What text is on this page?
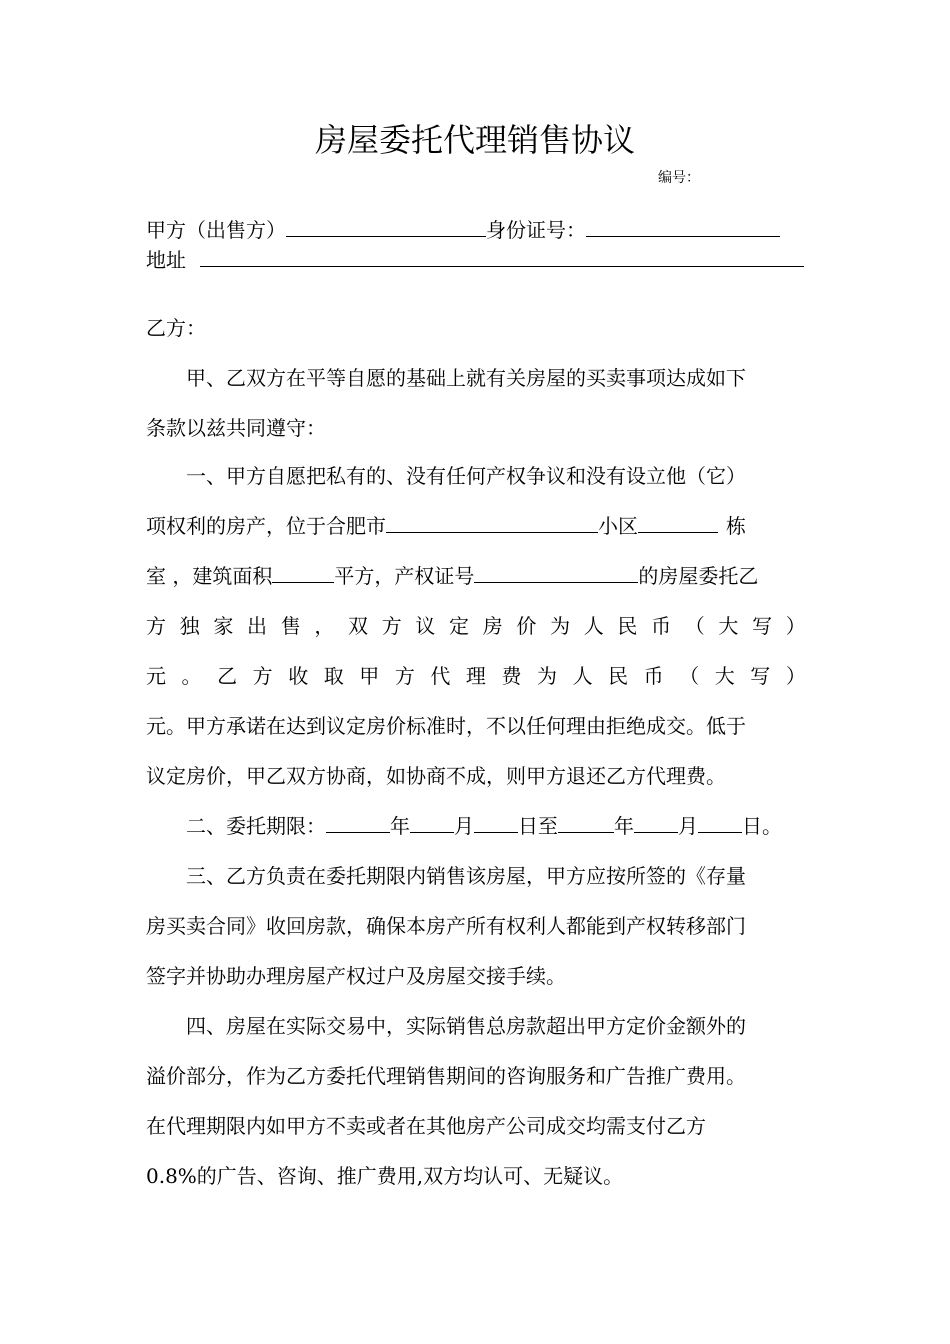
房屋委托代理销售协议
编号：
甲方（出售方）	身份证号：
地址
乙方：
甲、乙双方在平等自愿的基础上就有关房屋的买卖事项达成如下
条款以兹共同遵守：
一、甲方自愿把私有的、没有任何产权争议和没有设立他（它）
项权利的房产，位于合肥市	小区	栋
室 ，建筑面积	平方，产权证号	的房屋委托乙
方 独 家 出 售 ， 双 方 议 定 房 价 为 人 民 币 （ 大 写 ）
元 。 乙 方 收 取 甲 方 代 理 费 为 人 民 币 （ 大 写 ）
元。甲方承诺在达到议定房价标准时，不以任何理由拒绝成交。低于
议定房价，甲乙双方协商，如协商不成，则甲方退还乙方代理费。
二、委托期限：	年 月 日至	年 月 日。
三、乙方负责在委托期限内销售该房屋，甲方应按所签的《存量
房买卖合同》收回房款，确保本房产所有权利人都能到产权转移部门
签字并协助办理房屋产权过户及房屋交接手续。
四、房屋在实际交易中，实际销售总房款超出甲方定价金额外的
溢价部分，作为乙方委托代理销售期间的咨询服务和广告推广费用。
在代理期限内如甲方不卖或者在其他房产公司成交均需支付乙方
0.8%的广告、咨询、推广费用,双方均认可、无疑议。
